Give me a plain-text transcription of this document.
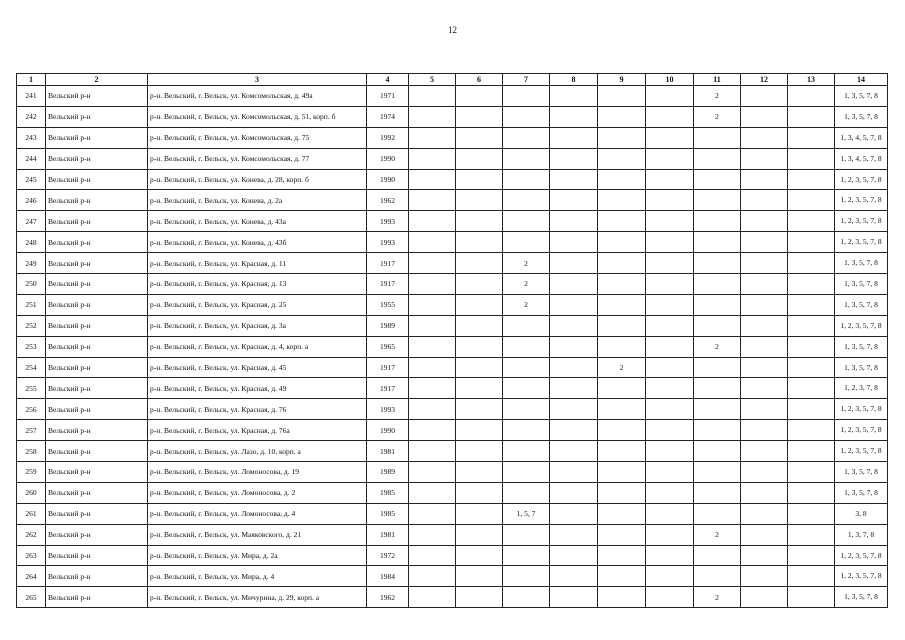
12
1	2	3	4	5	6	7	8	9	10	11	12	13	14
241	Вельский р-н	р-н. Вельский, г. Вельск, ул. Комсомольская, д. 49а	1971							2			1, 3, 5, 7, 8
242	Вельский р-н	р-н. Вельский, г. Вельск, ул. Комсомольская, д. 51, корп. б	1974							2			1, 3, 5, 7, 8
243	Вельский р-н	р-н. Вельский, г. Вельск, ул. Комсомольская, д. 75	1992										1, 3, 4, 5, 7, 8
244	Вельский р-н	р-н. Вельский, г. Вельск, ул. Комсомольская, д. 77	1990										1, 3, 4, 5, 7, 8
245	Вельский р-н	р-н. Вельский, г. Вельск, ул. Конева, д. 28, корп. б	1990										1, 2, 3, 5, 7, 8
246	Вельский р-н	р-н. Вельский, г. Вельск, ул. Конева, д. 2а	1962										1, 2, 3, 5, 7, 8
247	Вельский р-н	р-н. Вельский, г. Вельск, ул. Конева, д. 43а	1993										1, 2, 3, 5, 7, 8
248	Вельский р-н	р-н. Вельский, г. Вельск, ул. Конева, д. 43б	1993										1, 2, 3, 5, 7, 8
249	Вельский р-н	р-н. Вельский, г. Вельск, ул. Красная, д. 11	1917			2							1, 3, 5, 7, 8
250	Вельский р-н	р-н. Вельский, г. Вельск, ул. Красная, д. 13	1917			2							1, 3, 5, 7, 8
251	Вельский р-н	р-н. Вельский, г. Вельск, ул. Красная, д. 25	1955			2							1, 3, 5, 7, 8
252	Вельский р-н	р-н. Вельский, г. Вельск, ул. Красная, д. 3а	1989										1, 2, 3, 5, 7, 8
253	Вельский р-н	р-н. Вельский, г. Вельск, ул. Красная, д. 4, корп. а	1965							2			1, 3, 5, 7, 8
254	Вельский р-н	р-н. Вельский, г. Вельск, ул. Красная, д. 45	1917					2					1, 3, 5, 7, 8
255	Вельский р-н	р-н. Вельский, г. Вельск, ул. Красная, д. 49	1917										1, 2, 3, 7, 8
256	Вельский р-н	р-н. Вельский, г. Вельск, ул. Красная, д. 76	1993										1, 2, 3, 5, 7, 8
257	Вельский р-н	р-н. Вельский, г. Вельск, ул. Красная, д. 76а	1990										1, 2, 3, 5, 7, 8
258	Вельский р-н	р-н. Вельский, г. Вельск, ул. Лазо, д. 10, корп. а	1981										1, 2, 3, 5, 7, 8
259	Вельский р-н	р-н. Вельский, г. Вельск, ул. Ломоносова, д. 19	1989										1, 3, 5, 7, 8
260	Вельский р-н	р-н. Вельский, г. Вельск, ул. Ломоносова, д. 2	1985										1, 3, 5, 7, 8
261	Вельский р-н	р-н. Вельский, г. Вельск, ул. Ломоносова, д. 4	1985			1, 5, 7							3, 8
262	Вельский р-н	р-н. Вельский, г. Вельск, ул. Маяковского, д. 21	1981							2			1, 3, 7, 8
263	Вельский р-н	р-н. Вельский, г. Вельск, ул. Мира, д. 2а	1972										1, 2, 3, 5, 7, 8
264	Вельский р-н	р-н. Вельский, г. Вельск, ул. Мира, д. 4	1984										1, 2, 3, 5, 7, 8
265	Вельский р-н	р-н. Вельский, г. Вельск, ул. Мичурина, д. 29, корп. а	1962							2			1, 3, 5, 7, 8
